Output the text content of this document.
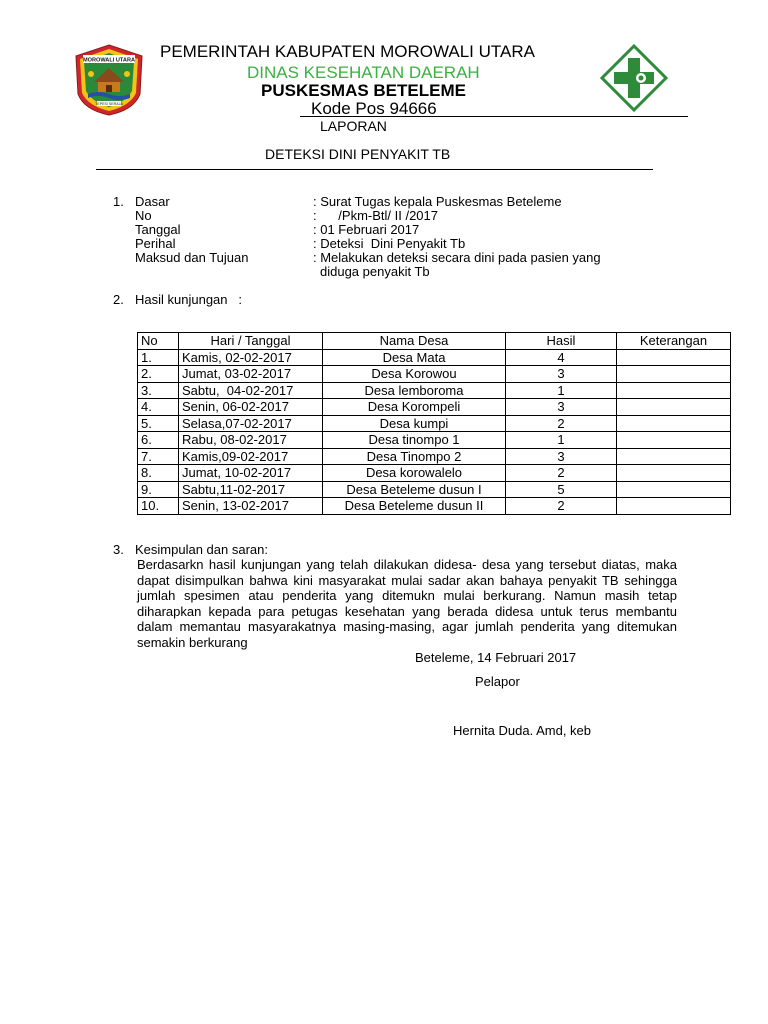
MOROWALI UTARA
TEPESI SERAJA
PEMERINTAH KABUPATEN MOROWALI UTARA
DINAS KESEHATAN DAERAH
PUSKESMAS BETELEME
Kode Pos 94666
LAPORAN
DETEKSI DINI PENYAKIT TB
1. Dasar	: Surat Tugas kepala Puskesmas Beteleme
No	:      /Pkm-Btl/ II /2017
Tanggal	: 01 Februari 2017
Perihal	: Deteksi  Dini Penyakit Tb
Maksud dan Tujuan	: Melakukan deteksi secara dini pada pasien yang
diduga penyakit Tb
2. Hasil kunjungan   :
No	Hari / Tanggal	Nama Desa	Hasil	Keterangan
1.	Kamis, 02-02-2017	Desa Mata	4	
2.	Jumat, 03-02-2017	Desa Korowou	3	
3.	Sabtu,  04-02-2017	Desa lemboroma	1	
4.	Senin, 06-02-2017	Desa Korompeli	3	
5.	Selasa,07-02-2017	Desa kumpi	2	
6.	Rabu, 08-02-2017	Desa tinompo 1	1	
7.	Kamis,09-02-2017	Desa Tinompo 2	3	
8.	Jumat, 10-02-2017	Desa korowalelo	2	
9.	Sabtu,11-02-2017	Desa Beteleme dusun I	5	
10.	Senin, 13-02-2017	Desa Beteleme dusun II	2	
3. Kesimpulan dan saran:
Berdasarkn hasil kunjungan yang telah dilakukan didesa- desa yang tersebut diatas, maka dapat disimpulkan bahwa kini masyarakat mulai sadar akan bahaya penyakit TB sehingga jumlah spesimen atau penderita yang ditemukn mulai berkurang. Namun masih tetap diharapkan kepada para petugas kesehatan yang berada didesa untuk terus membantu dalam memantau masyarakatnya masing-masing, agar jumlah penderita yang ditemukan semakin berkurang
Beteleme, 14 Februari 2017
Pelapor
Hernita Duda. Amd, keb
